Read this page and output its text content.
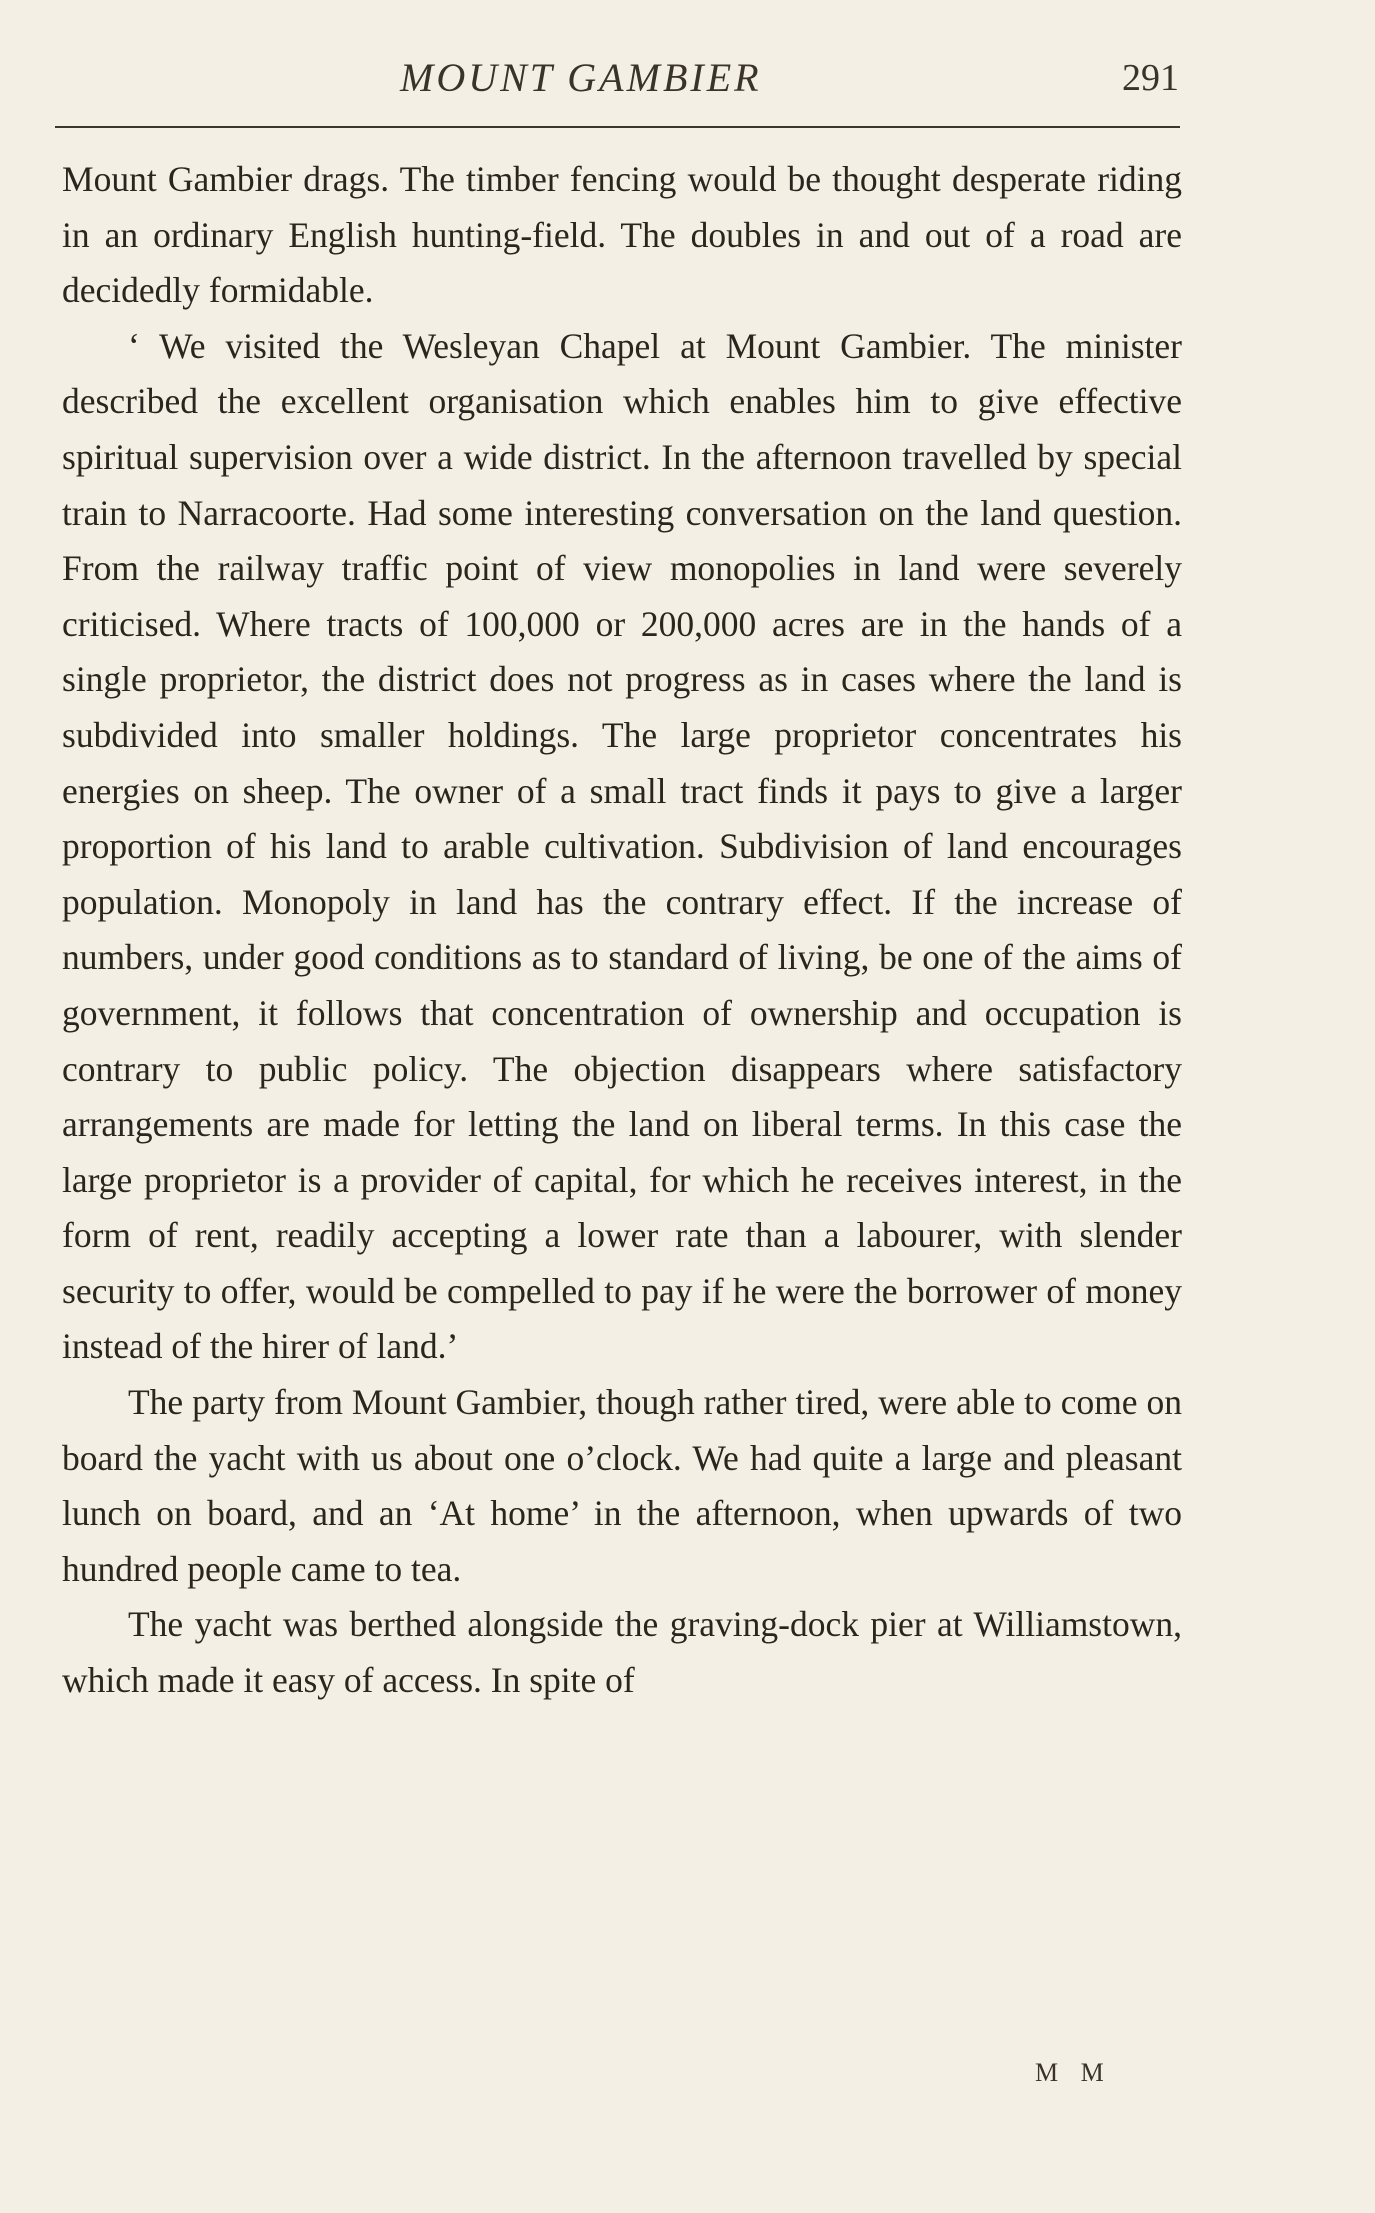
MOUNT GAMBIER	291

Mount Gambier drags. The timber fencing would be thought desperate riding in an ordinary English hunting-field. The doubles in and out of a road are decidedly formidable.

‘ We visited the Wesleyan Chapel at Mount Gambier. The minister described the excellent organisation which enables him to give effective spiritual supervision over a wide district. In the afternoon travelled by special train to Narracoorte. Had some interesting conversation on the land question. From the railway traffic point of view monopolies in land were severely criticised. Where tracts of 100,000 or 200,000 acres are in the hands of a single proprietor, the district does not progress as in cases where the land is subdivided into smaller holdings. The large proprietor concentrates his energies on sheep. The owner of a small tract finds it pays to give a larger proportion of his land to arable cultivation. Subdivision of land encourages population. Monopoly in land has the contrary effect. If the increase of numbers, under good conditions as to standard of living, be one of the aims of government, it follows that concentration of ownership and occupation is contrary to public policy. The objection disappears where satisfactory arrangements are made for letting the land on liberal terms. In this case the large proprietor is a provider of capital, for which he receives interest, in the form of rent, readily accepting a lower rate than a labourer, with slender security to offer, would be compelled to pay if he were the borrower of money instead of the hirer of land.’

The party from Mount Gambier, though rather tired, were able to come on board the yacht with us about one o’clock. We had quite a large and pleasant lunch on board, and an ‘At home’ in the afternoon, when upwards of two hundred people came to tea.

The yacht was berthed alongside the graving-dock pier at Williamstown, which made it easy of access. In spite of

M M
